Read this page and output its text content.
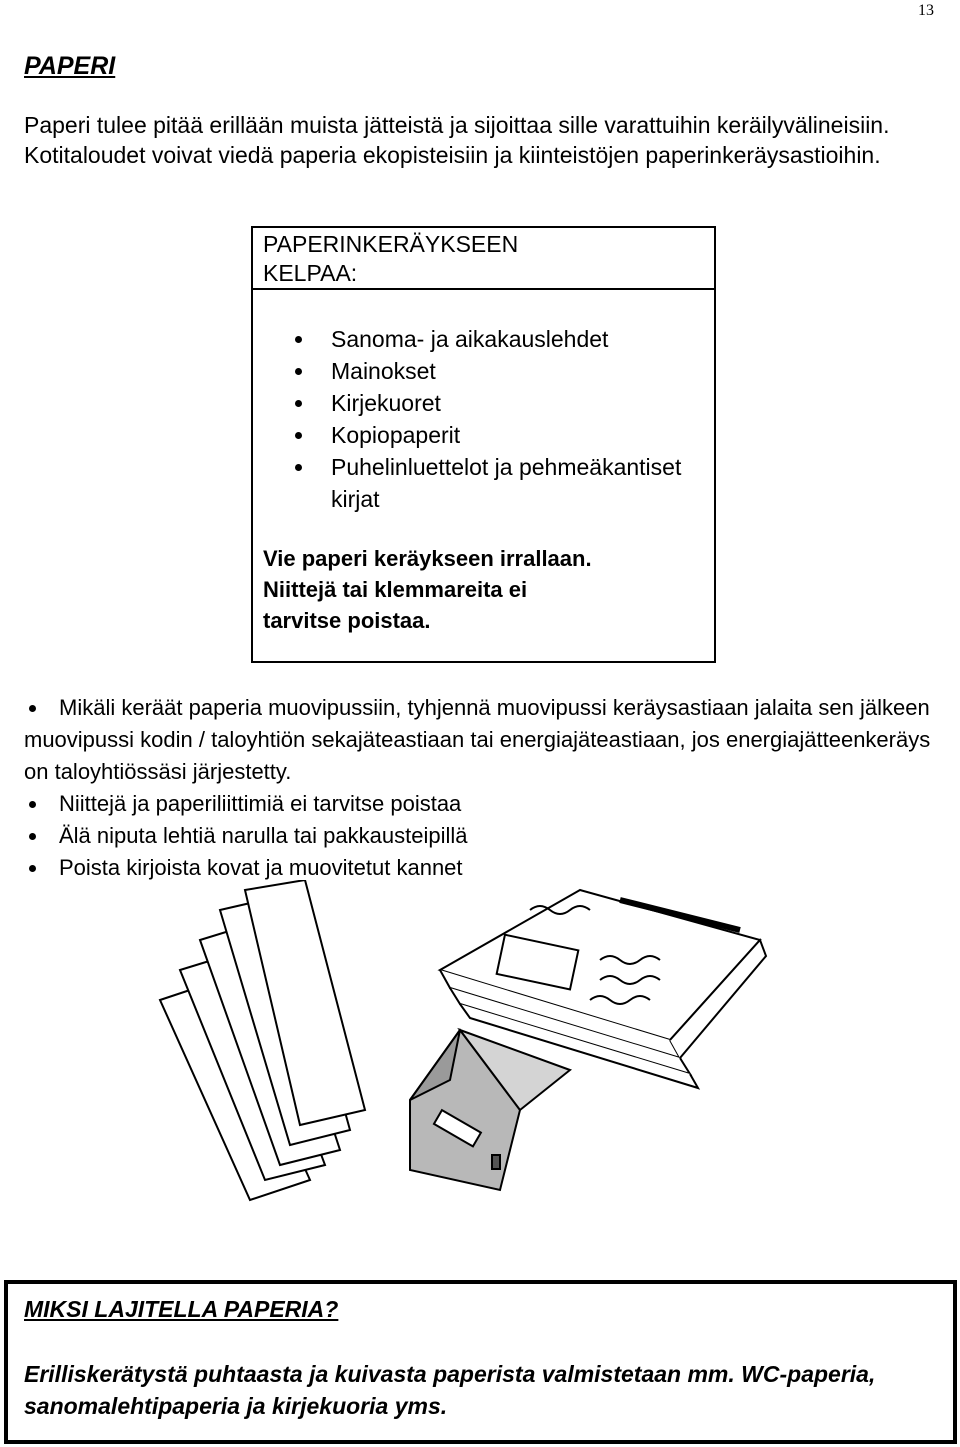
13
PAPERI

Paperi tulee pitää erillään muista jätteistä ja sijoittaa sille varattuihin keräilyvälineisiin. Kotitaloudet voivat viedä paperia ekopisteisiin ja kiinteistöjen paperinkeräysastioihin.

PAPERINKERÄYKSEEN
KELPAA:
Sanoma- ja aikakauslehdet
Mainokset
Kirjekuoret
Kopiopaperit
Puhelinluettelot ja pehmeäkantiset kirjat
Vie paperi keräykseen irrallaan.
Niittejä tai klemmareita ei
tarvitse poistaa.
Mikäli keräät paperia muovipussiin, tyhjennä muovipussi keräysastiaan jalaita sen jälkeen muovipussi kodin / taloyhtiön sekajäteastiaan tai energiajäteastiaan, jos energiajätteenkeräys on taloyhtiössäsi järjestetty.
Niittejä ja paperiliittimiä ei tarvitse poistaa
Älä niputa lehtiä narulla tai pakkausteipillä
Poista kirjoista kovat ja muovitetut kannet
MIKSI LAJITELLA PAPERIA?

Erilliskerätystä puhtaasta ja kuivasta paperista valmistetaan mm. WC-paperia, sanomalehtipaperia ja kirjekuoria yms.
